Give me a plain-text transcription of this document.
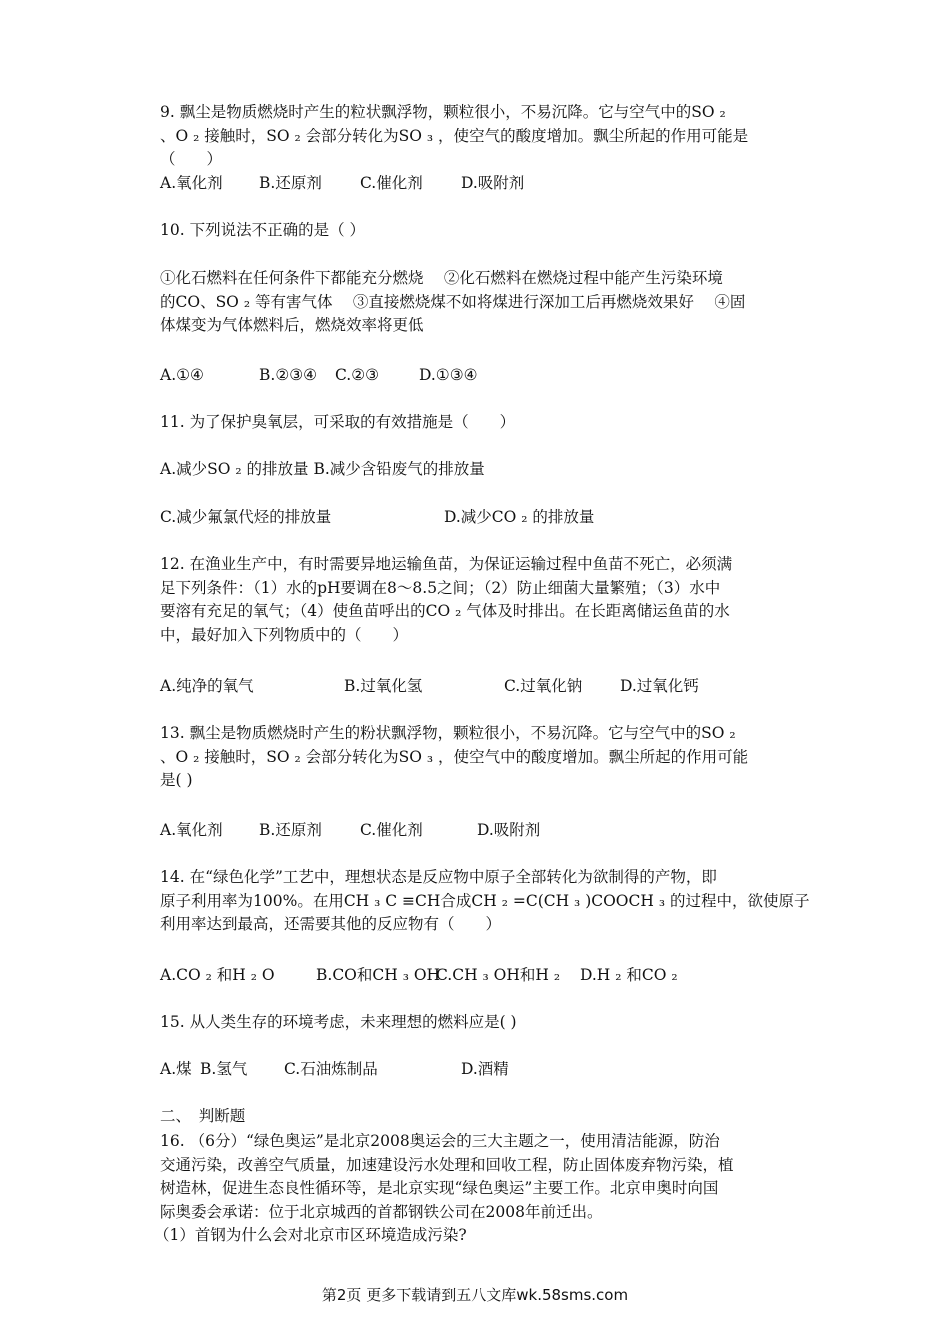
9. 飘尘是物质燃烧时产生的粒状飘浮物，颗粒很小，不易沉降。它与空气中的SO ₂

、O ₂ 接触时，SO ₂ 会部分转化为SO ₃ ，使空气的酸度增加。飘尘所起的作用可能是

（　　）

A.氧化剂 B.还原剂 C.催化剂 D.吸附剂

10. 下列说法不正确的是（ ）

①化石燃料在任何条件下都能充分燃烧　 ②化石燃料在燃烧过程中能产生污染环境

的CO、SO ₂ 等有害气体　 ③直接燃烧煤不如将煤进行深加工后再燃烧效果好　 ④固

体煤变为气体燃料后，燃烧效率将更低

A.①④	B.②③④ C.②③	D.①③④

11. 为了保护臭氧层，可采取的有效措施是（　　）

A.减少SO ₂ 的排放量 B.减少含铅废气的排放量

C.减少氟氯代烃的排放量	D.减少CO ₂ 的排放量

12. 在渔业生产中，有时需要异地运输鱼苗，为保证运输过程中鱼苗不死亡，必须满

足下列条件：（1）水的pH要调在8～8.5之间；（2）防止细菌大量繁殖；（3）水中

要溶有充足的氧气；（4）使鱼苗呼出的CO ₂ 气体及时排出。在长距离储运鱼苗的水

中，最好加入下列物质中的（　　）

A.纯净的氧气	B.过氧化氢	C.过氧化钠 D.过氧化钙

13. 飘尘是物质燃烧时产生的粉状飘浮物，颗粒很小，不易沉降。它与空气中的SO ₂

、O ₂ 接触时，SO ₂ 会部分转化为SO ₃ ，使空气中的酸度增加。飘尘所起的作用可能

是( )

A.氧化剂 B.还原剂 C.催化剂	D.吸附剂

14. 在“绿色化学”工艺中，理想状态是反应物中原子全部转化为欲制得的产物，即

原子利用率为100%。在用CH ₃ C ≡CH合成CH ₂ =C(CH ₃ )COOCH ₃ 的过程中，欲使原子

利用率达到最高，还需要其他的反应物有（　　）

A.CO ₂ 和H ₂ O	B.CO和CH ₃ OHC.CH ₃ OH和H ₂ D.H ₂ 和CO ₂

15. 从人类生存的环境考虑，未来理想的燃料应是( )

A.煤 B.氢气 C.石油炼制品	D.酒精

二、　判断题

16. （6分）“绿色奥运”是北京2008奥运会的三大主题之一，使用清洁能源，防治

交通污染，改善空气质量，加速建设污水处理和回收工程，防止固体废弃物污染，植

树造林，促进生态良性循环等，是北京实现“绿色奥运”主要工作。北京申奥时向国

际奥委会承诺：位于北京城西的首都钢铁公司在2008年前迁出。

（1）首钢为什么会对北京市区环境造成污染?

第2页 更多下载请到五八文库wk.58sms.com
